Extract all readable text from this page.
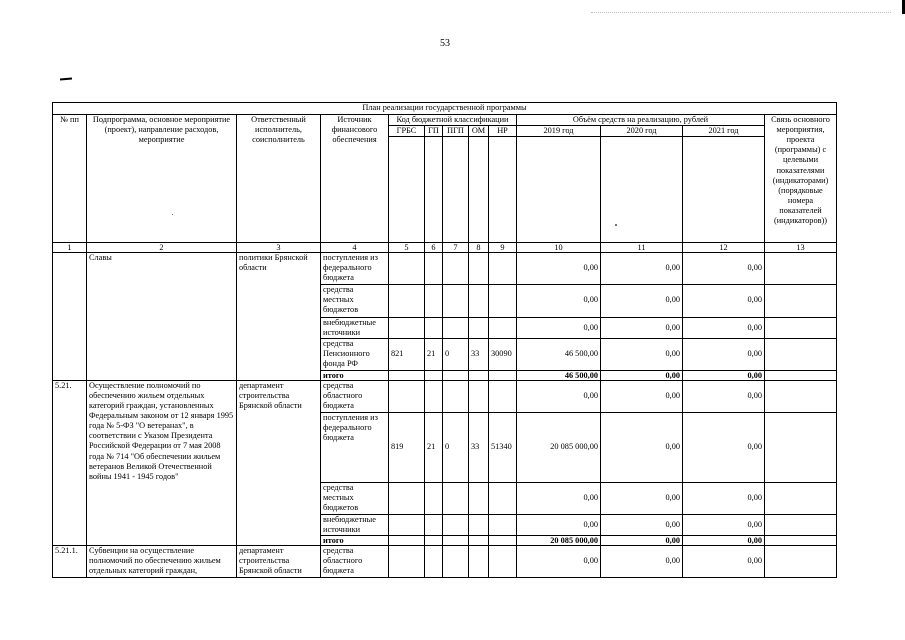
53
План реализации государственной программы												
№ пп	Подпрограмма, основное мероприятие (проект), направление расходов, мероприятие	Ответственный исполнитель, соисполнитель	Источник финансового обеспечения	Код бюджетной классификации					Объём средств на реализацию, рублей			Связь основного мероприятия, проекта (программы) с целевыми показателями (индикаторами) (порядковые номера показателей (индикаторов))
				ГРБС	ГП	ПГП	ОМ	НР	2019 год	2020 год	2021 год	

1	2	3	4	5	6	7	8	9	10	11	12	13
	Славы	политики Брянской области	поступления из федерального бюджета						0,00	0,00	0,00	
			средства местных бюджетов						0,00	0,00	0,00	
			внебюджетные источники						0,00	0,00	0,00	
			средства Пенсионного фонда РФ	821	21	0	33	30090	46 500,00	0,00	0,00	
			итого						46 500,00	0,00	0,00	
5.21.	Осуществление полномочий по обеспечению жильем отдельных категорий граждан, установленных Федеральным законом от 12 января 1995 года № 5-ФЗ "О ветеранах", в соответствии с Указом Президента Российской Федерации от 7 мая 2008 года № 714 "Об обеспечении жильем ветеранов Великой Отечественной войны 1941 - 1945 годов"	департамент строительства Брянской области	средства областного бюджета						0,00	0,00	0,00	
			поступления из федерального бюджета	819	21	0	33	51340	20 085 000,00	0,00	0,00	
			средства местных бюджетов						0,00	0,00	0,00	
			внебюджетные источники						0,00	0,00	0,00	
			итого						20 085 000,00	0,00	0,00	
5.21.1.	Субвенции на осуществление полномочий по обеспечению жильем отдельных категорий граждан,	департамент строительства Брянской области	средства областного бюджета						0,00	0,00	0,00	
